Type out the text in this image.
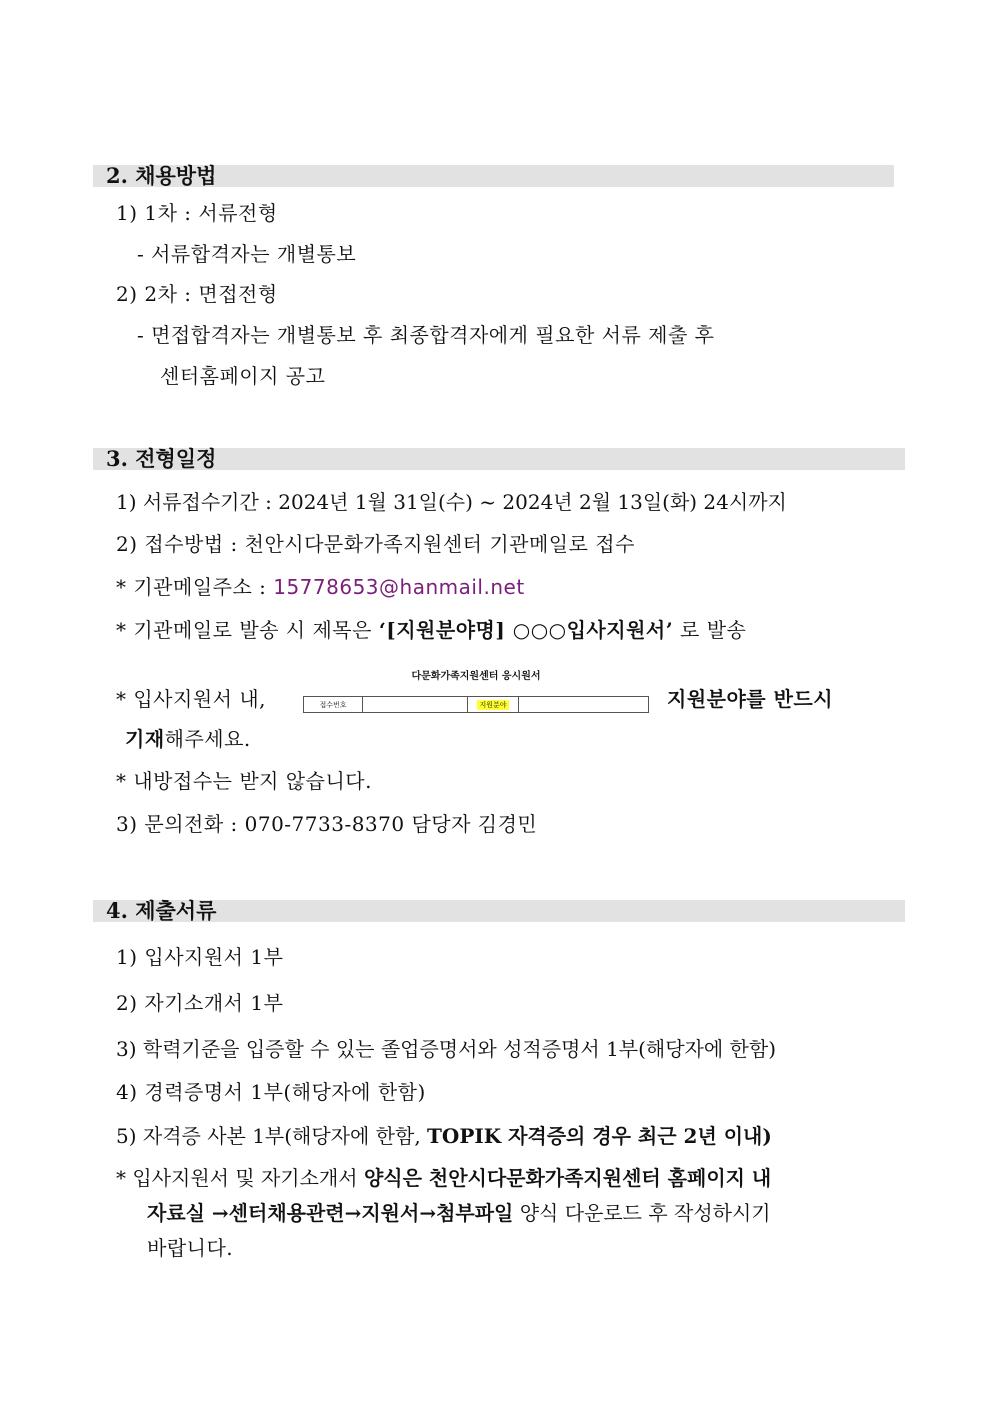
2. 채용방법
1) 1차 : 서류전형
- 서류합격자는 개별통보
2) 2차 : 면접전형
- 면접합격자는 개별통보 후 최종합격자에게 필요한 서류 제출 후
센터홈페이지 공고
3. 전형일정
1) 서류접수기간 : 2024년 1월 31일(수) ~ 2024년 2월 13일(화) 24시까지
2) 접수방법 : 천안시다문화가족지원센터 기관메일로 접수
* 기관메일주소 : 15778653@hanmail.net
* 기관메일로 발송 시 제목은 ‘[지원분야명] ○○○입사지원서’ 로 발송
* 입사지원서 내,
다문화가족지원센터 응시원서
접수번호	지원분야	지원분야를 반드시
기재해주세요.
* 내방접수는 받지 않습니다.
3) 문의전화 : 070-7733-8370 담당자 김경민
4. 제출서류
1) 입사지원서 1부
2) 자기소개서 1부
3) 학력기준을 입증할 수 있는 졸업증명서와 성적증명서 1부(해당자에 한함)
4) 경력증명서 1부(해당자에 한함)
5) 자격증 사본 1부(해당자에 한함, TOPIK 자격증의 경우 최근 2년 이내)
* 입사지원서 및 자기소개서 양식은 천안시다문화가족지원센터 홈페이지 내
자료실 →센터채용관련→지원서→첨부파일 양식 다운로드 후 작성하시기
바랍니다.
